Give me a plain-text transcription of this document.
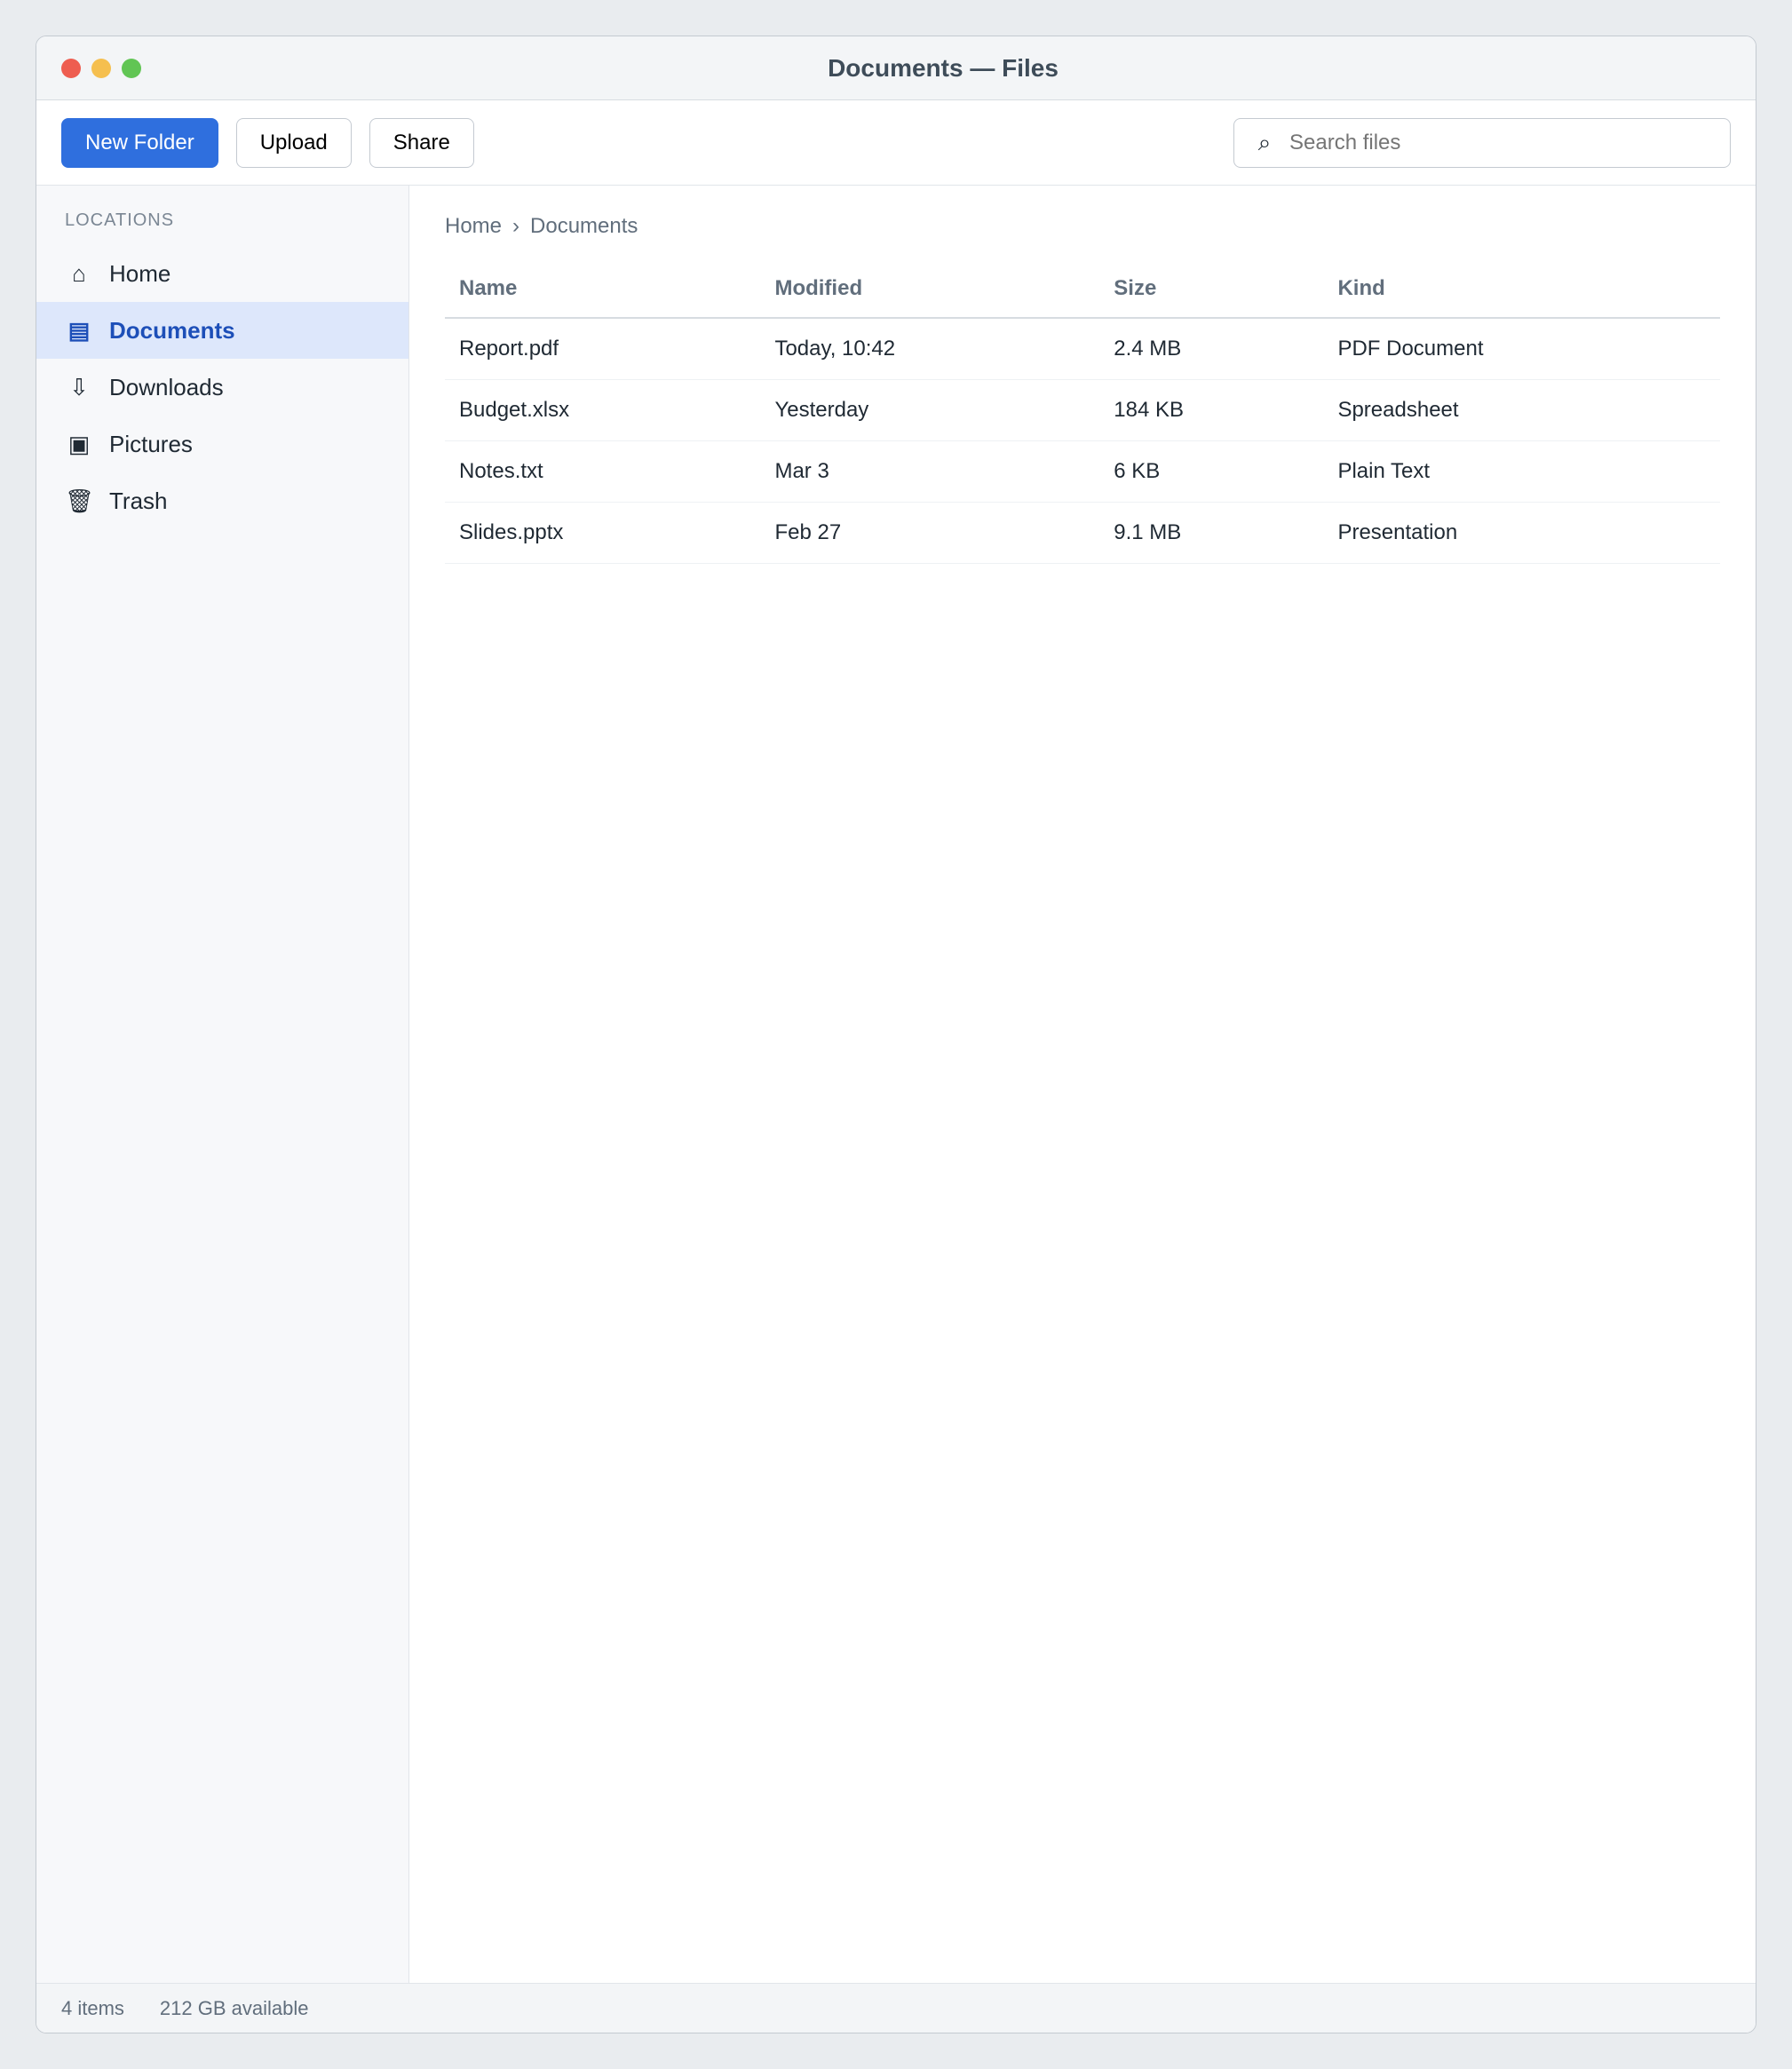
Documents — Files
New Folder	Upload	Share	⌕
Search files
LOCATIONS
⌂	Home
▤ Documents
⇩ Downloads
▣ Pictures
🗑 Trash
Home › Documents
Name	Modified	Size	Kind
Report.pdf	Today, 10:42	2.4 MB	PDF Document
Budget.xlsx	Yesterday	184 KB	Spreadsheet
Notes.txt	Mar 3	6 KB	Plain Text
Slides.pptx	Feb 27	9.1 MB	Presentation
4 items 212 GB available
